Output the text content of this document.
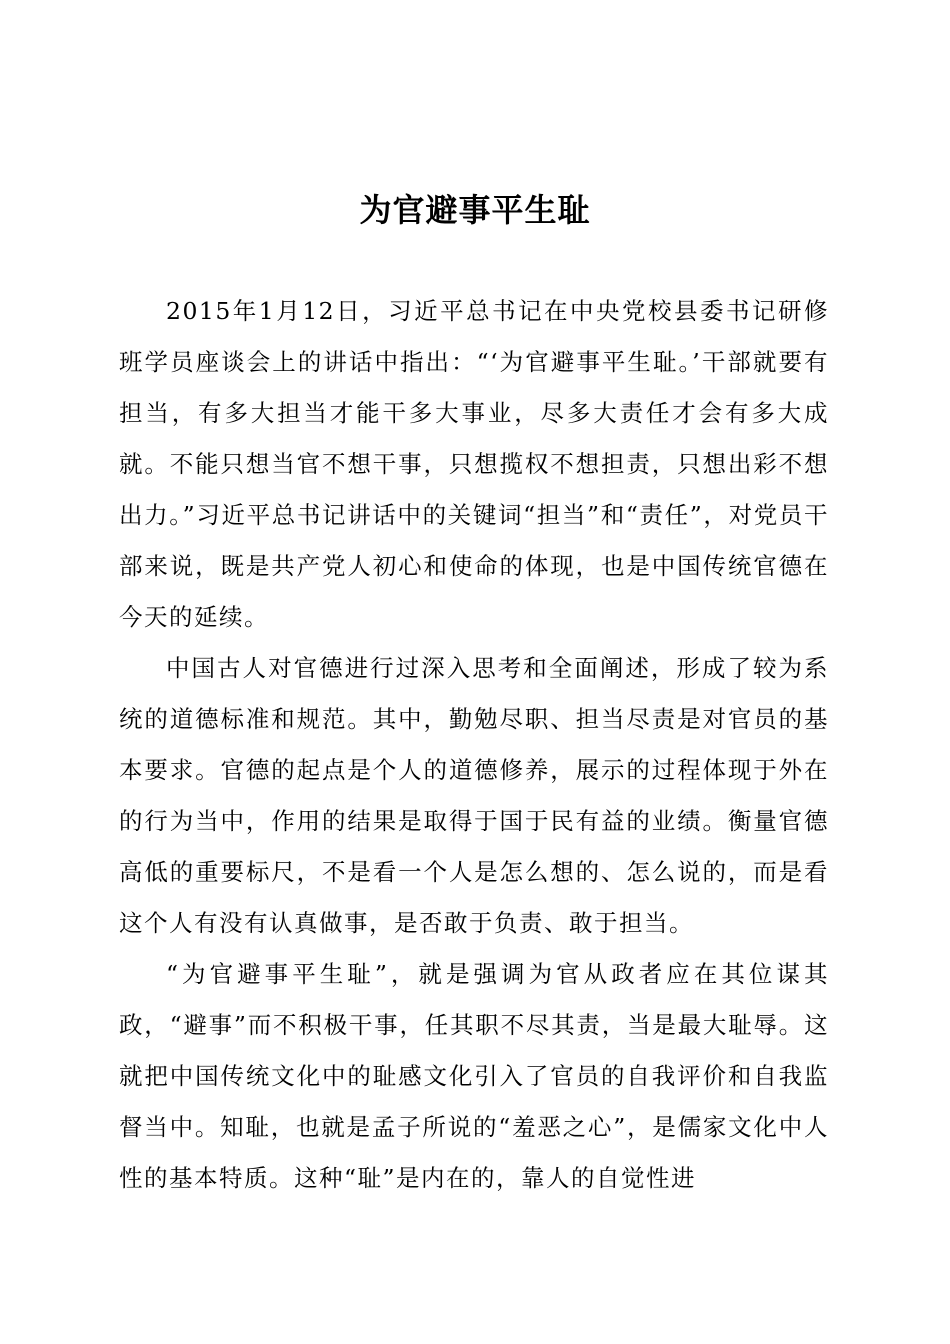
为官避事平生耻

2015年1月12日，习近平总书记在中央党校县委书记研修班学员座谈会上的讲话中指出：“‘为官避事平生耻。’干部就要有担当，有多大担当才能干多大事业，尽多大责任才会有多大成就。不能只想当官不想干事，只想揽权不想担责，只想出彩不想出力。”习近平总书记讲话中的关键词“担当”和“责任”，对党员干部来说，既是共产党人初心和使命的体现，也是中国传统官德在今天的延续。

中国古人对官德进行过深入思考和全面阐述，形成了较为系统的道德标准和规范。其中，勤勉尽职、担当尽责是对官员的基本要求。官德的起点是个人的道德修养，展示的过程体现于外在的行为当中，作用的结果是取得于国于民有益的业绩。衡量官德高低的重要标尺，不是看一个人是怎么想的、怎么说的，而是看这个人有没有认真做事，是否敢于负责、敢于担当。

“为官避事平生耻”，就是强调为官从政者应在其位谋其政，“避事”而不积极干事，任其职不尽其责，当是最大耻辱。这就把中国传统文化中的耻感文化引入了官员的自我评价和自我监督当中。知耻，也就是孟子所说的“羞恶之心”，是儒家文化中人性的基本特质。这种“耻”是内在的，靠人的自觉性进
